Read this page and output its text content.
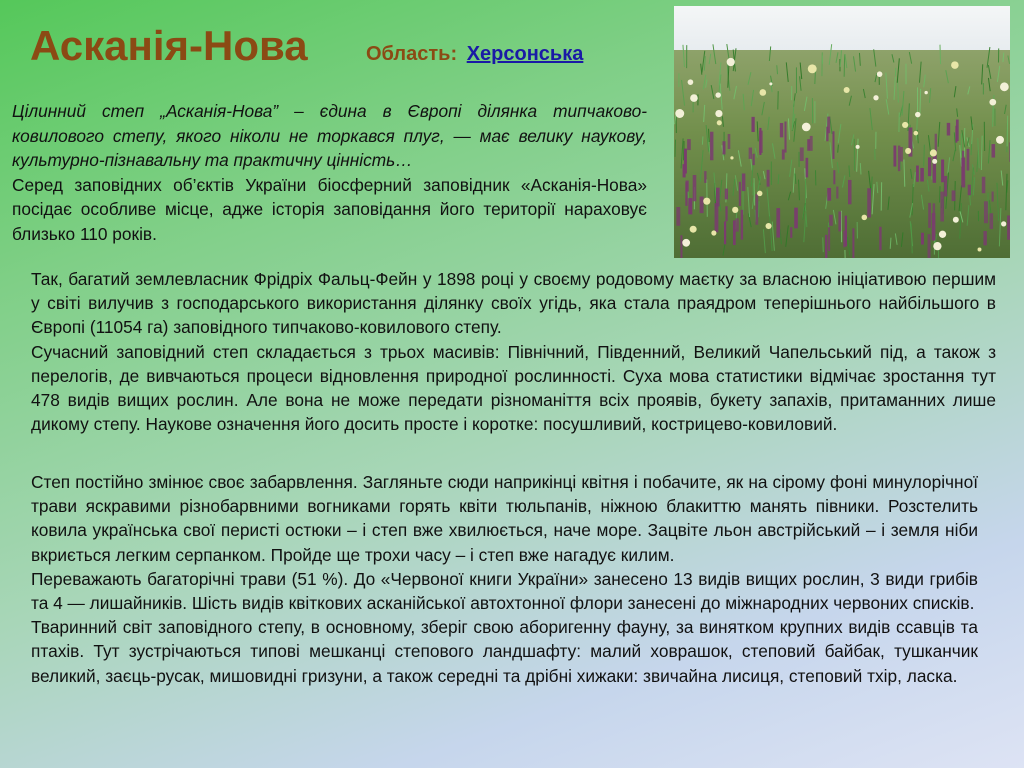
Асканія-Нова	Область: Херсонська

Цілинний степ „Асканія-Нова” – єдина в Європі ділянка типчаково-ковилового степу, якого ніколи не торкався плуг, — має велику наукову, культурно-пізнавальну та практичну цінність…

Серед заповідних об’єктів України біосферний заповідник «Асканія-Нова» посідає особливе місце, адже історія заповідання його території нараховує близько 110 років.

Так, багатий землевласник Фрідріх Фальц-Фейн у 1898 році у своєму родовому маєтку за власною ініціативою першим у світі вилучив з господарського використання ділянку своїх угідь, яка стала праядром теперішнього найбільшого в Європі (11054 га) заповідного типчаково-ковилового степу.

Сучасний заповідний степ складається з трьох масивів: Північний, Південний, Великий Чапельський під, а також з перелогів, де вивчаються процеси відновлення природної рослинності. Суха мова статистики відмічає зростання тут 478 видів вищих рослин. Але вона не може передати різноманіття всіх проявів, букету запахів, притаманних лише дикому степу. Наукове означення його досить просте і коротке: посушливий, кострицево-ковиловий.

Степ постійно змінює своє забарвлення. Загляньте сюди наприкінці квітня і побачите, як на сірому фоні минулорічної трави яскравими різнобарвними вогниками горять квіти тюльпанів, ніжною блакиттю манять півники. Розстелить ковила українська свої перисті остюки – і степ вже хвилюється, наче море. Зацвіте льон австрійський – і земля ніби вкриється легким серпанком. Пройде ще трохи часу – і степ вже нагадує килим.

Переважають багаторічні трави (51 %). До «Червоної книги України» занесено 13 видів вищих рослин, 3 види грибів та 4 — лишайників. Шість видів квіткових асканійської автохтонної флори занесені до міжнародних червоних списків.

Тваринний світ заповідного степу, в основному, зберіг свою аборигенну фауну, за винятком крупних видів ссавців та птахів. Тут зустрічаються типові мешканці степового ландшафту: малий ховрашок, степовий байбак, тушканчик великий, заєць-русак, мишовидні гризуни, а також середні та дрібні хижаки: звичайна лисиця, степовий тхір, ласка.
